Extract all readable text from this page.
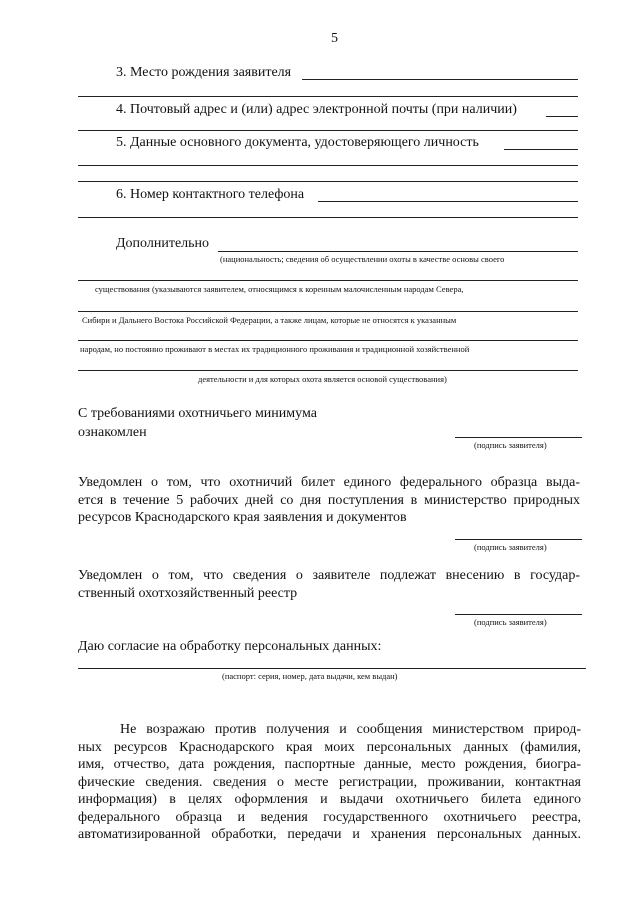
5
3. Место рождения заявителя
4. Почтовый адрес и (или) адрес электронной почты (при наличии)
5. Данные основного документа, удостоверяющего личность
6. Номер контактного телефона
Дополнительно
(национальность; сведения об осуществлении охоты в качестве основы своего
существования (указываются заявителем, относящимся к коренным малочисленным народам Севера,
Сибири и Дальнего Востока Российской Федерации, а также лицам, которые не относятся к указанным
народам, но постоянно проживают в местах их традиционного проживания и традиционной хозяйственной
деятельности и для которых охота является основой существования)
С требованиями охотничьего минимума
ознакомлен
(подпись заявителя)
Уведомлен о том, что охотничий билет единого федерального образца выда-
ется в течение 5 рабочих дней со дня поступления в министерство природных
ресурсов Краснодарского края заявления и документов
(подпись заявителя)
Уведомлен о том, что сведения о заявителе подлежат внесению в государ-
ственный охотхозяйственный реестр
(подпись заявителя)
Даю согласие на обработку персональных данных:
(паспорт: серия, номер, дата выдачи, кем выдан)
Не возражаю против получения и сообщения министерством природ-
ных ресурсов Краснодарского края моих персональных данных (фамилия,
имя, отчество, дата рождения, паспортные данные, место рождения, биогра-
фические сведения. сведения о месте регистрации, проживании, контактная
информация) в целях оформления и выдачи охотничьего билета единого
федерального образца и ведения государственного охотничьего реестра,
автоматизированной обработки, передачи и хранения персональных данных.
